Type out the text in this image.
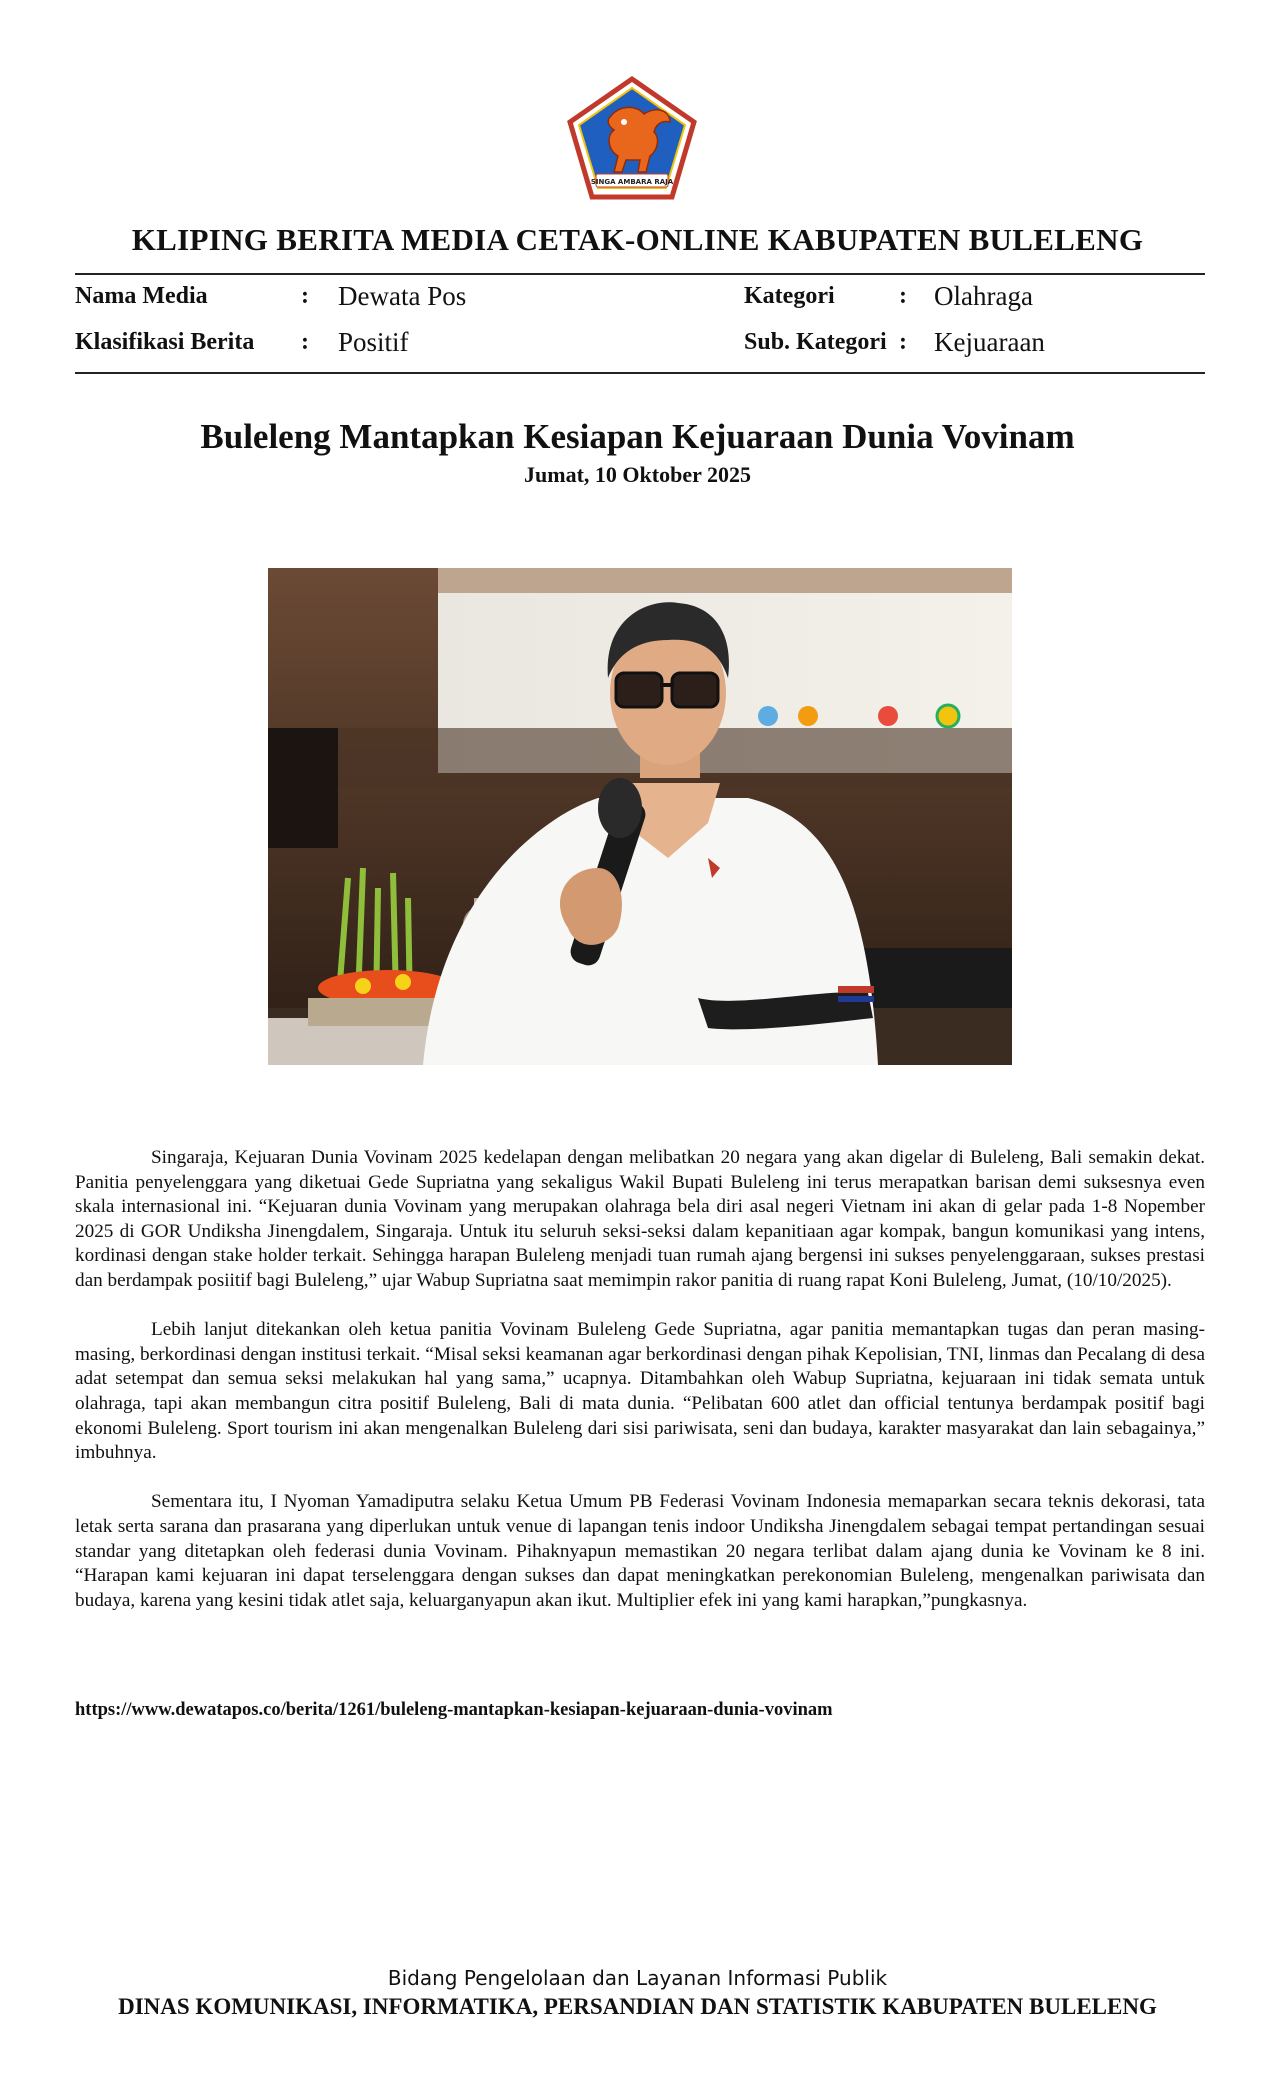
SINGA AMBARA RAJA
KLIPING BERITA MEDIA CETAK-ONLINE KABUPATEN BULELENG
Nama Media	: Dewata Pos
Klasifikasi Berita : Positif
Kategori	: Olahraga
Sub. Kategori : Kejuaraan
Buleleng Mantapkan Kesiapan Kejuaraan Dunia Vovinam
Jumat, 10 Oktober 2025

Singaraja, Kejuaran Dunia Vovinam 2025 kedelapan dengan melibatkan 20 negara yang akan digelar di Buleleng, Bali semakin dekat. Panitia penyelenggara yang diketuai Gede Supriatna yang sekaligus Wakil Bupati Buleleng ini terus merapatkan barisan demi suksesnya even skala internasional ini. “Kejuaran dunia Vovinam yang merupakan olahraga bela diri asal negeri Vietnam ini akan di gelar pada 1-8 Nopember 2025 di GOR Undiksha Jinengdalem, Singaraja. Untuk itu seluruh seksi-seksi dalam kepanitiaan agar kompak, bangun komunikasi yang intens, kordinasi dengan stake holder terkait. Sehingga harapan Buleleng menjadi tuan rumah ajang bergensi ini sukses penyelenggaraan, sukses prestasi dan berdampak posiitif bagi Buleleng,” ujar Wabup Supriatna saat memimpin rakor panitia di ruang rapat Koni Buleleng, Jumat, (10/10/2025).

Lebih lanjut ditekankan oleh ketua panitia Vovinam Buleleng Gede Supriatna, agar panitia memantapkan tugas dan peran masing-masing, berkordinasi dengan institusi terkait. “Misal seksi keamanan agar berkordinasi dengan pihak Kepolisian, TNI, linmas dan Pecalang di desa adat setempat dan semua seksi melakukan hal yang sama,” ucapnya. Ditambahkan oleh Wabup Supriatna, kejuaraan ini tidak semata untuk olahraga, tapi akan membangun citra positif Buleleng, Bali di mata dunia. “Pelibatan 600 atlet dan official tentunya berdampak positif bagi ekonomi Buleleng. Sport tourism ini akan mengenalkan Buleleng dari sisi pariwisata, seni dan budaya, karakter masyarakat dan lain sebagainya,” imbuhnya.

Sementara itu, I Nyoman Yamadiputra selaku Ketua Umum PB Federasi Vovinam Indonesia memaparkan secara teknis dekorasi, tata letak serta sarana dan prasarana yang diperlukan untuk venue di lapangan tenis indoor Undiksha Jinengdalem sebagai tempat pertandingan sesuai standar yang ditetapkan oleh federasi dunia Vovinam. Pihaknyapun memastikan 20 negara terlibat dalam ajang dunia ke Vovinam ke 8 ini. “Harapan kami kejuaran ini dapat terselenggara dengan sukses dan dapat meningkatkan perekonomian Buleleng, mengenalkan pariwisata dan budaya, karena yang kesini tidak atlet saja, keluarganyapun akan ikut. Multiplier efek ini yang kami harapkan,”pungkasnya.

https://www.dewatapos.co/berita/1261/buleleng-mantapkan-kesiapan-kejuaraan-dunia-vovinam
Bidang Pengelolaan dan Layanan Informasi Publik
DINAS KOMUNIKASI, INFORMATIKA, PERSANDIAN DAN STATISTIK KABUPATEN BULELENG
